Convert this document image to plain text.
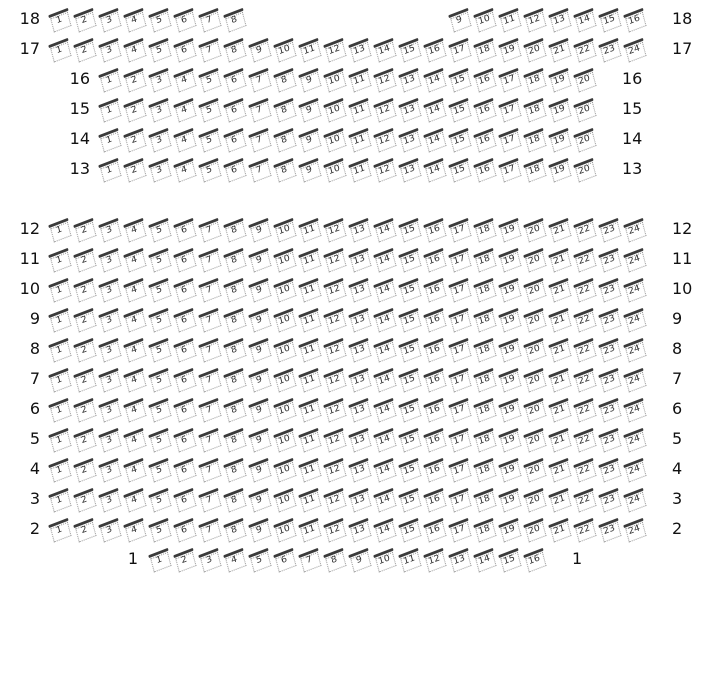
18	1	2	3	4	5	6	7	8	9	10	11	12	13	14	15	16 18
17	1	2	3	4	5	6	7	8	9	10	11	12	13	14	15	16	17	18	19	20	21	22	23	24 17
16	1	2	3	4	5	6	7	8	9	10	11	12	13	14	15	16	17	18	19	20 16
15	1	2	3	4	5	6	7	8	9	10	11	12	13	14	15	16	17	18	19	20 15
14	1	2	3	4	5	6	7	8	9	10	11	12	13	14	15	16	17	18	19	20 14
13	1	2	3	4	5	6	7	8	9	10	11	12	13	14	15	16	17	18	19	20 13
12	1	2	3	4	5	6	7	8	9	10	11	12	13	14	15	16	17	18	19	20	21	22	23	24 12
11	1	2	3	4	5	6	7	8	9	10	11	12	13	14	15	16	17	18	19	20	21	22	23	24 11
10	1	2	3	4	5	6	7	8	9	10	11	12	13	14	15	16	17	18	19	20	21	22	23	24 10
9	1	2	3	4	5	6	7	8	9	10	11	12	13	14	15	16	17	18	19	20	21	22	23	24 9
8	1	2	3	4	5	6	7	8	9	10	11	12	13	14	15	16	17	18	19	20	21	22	23	24 8
7	1	2	3	4	5	6	7	8	9	10	11	12	13	14	15	16	17	18	19	20	21	22	23	24 7
6	1	2	3	4	5	6	7	8	9	10	11	12	13	14	15	16	17	18	19	20	21	22	23	24 6
5	1	2	3	4	5	6	7	8	9	10	11	12	13	14	15	16	17	18	19	20	21	22	23	24 5
4	1	2	3	4	5	6	7	8	9	10	11	12	13	14	15	16	17	18	19	20	21	22	23	24 4
3	1	2	3	4	5	6	7	8	9	10	11	12	13	14	15	16	17	18	19	20	21	22	23	24 3
2	1	2	3	4	5	6	7	8	9	10	11	12	13	14	15	16	17	18	19	20	21	22	23	24 2
1	1	2	3	4	5	6	7	8	9	10	11	12	13	14	15	16 1
